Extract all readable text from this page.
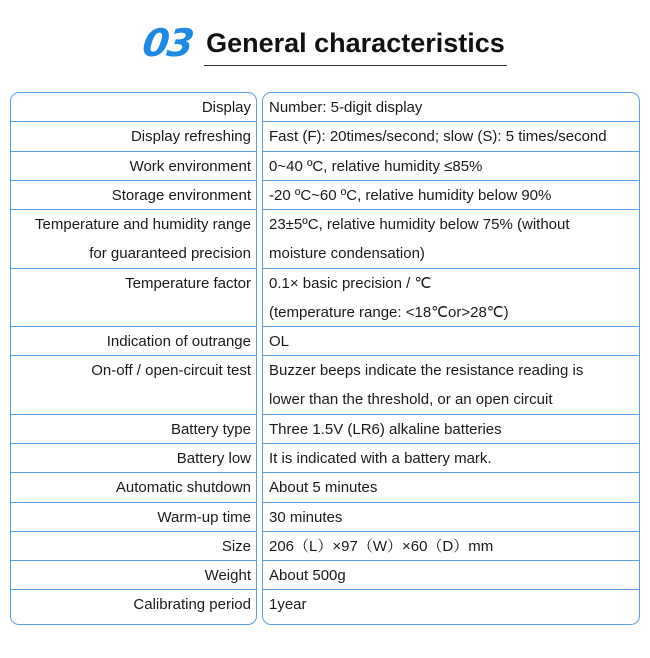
03 General characteristics
Display
Display refreshing
Work environment
Storage environment
Temperature and humidity range
for guaranteed precision
Temperature factor
Indication of outrange
On-off / open-circuit test
Battery type
Battery low
Automatic shutdown
Warm-up time
Size
Weight
Calibrating period
Number: 5-digit display
Fast (F): 20times/second; slow (S): 5 times/second
0~40 ºC, relative humidity ≤85%
-20 ºC~60 ºC, relative humidity below 90%
23±5ºC, relative humidity below 75% (without
moisture condensation)
0.1× basic precision / ℃
(temperature range: <18℃or>28℃)
OL
Buzzer beeps indicate the resistance reading is
lower than the threshold, or an open circuit
Three 1.5V (LR6) alkaline batteries
It is indicated with a battery mark.
About 5 minutes
30 minutes
206（L）×97（W）×60（D）mm
About 500g
1year
